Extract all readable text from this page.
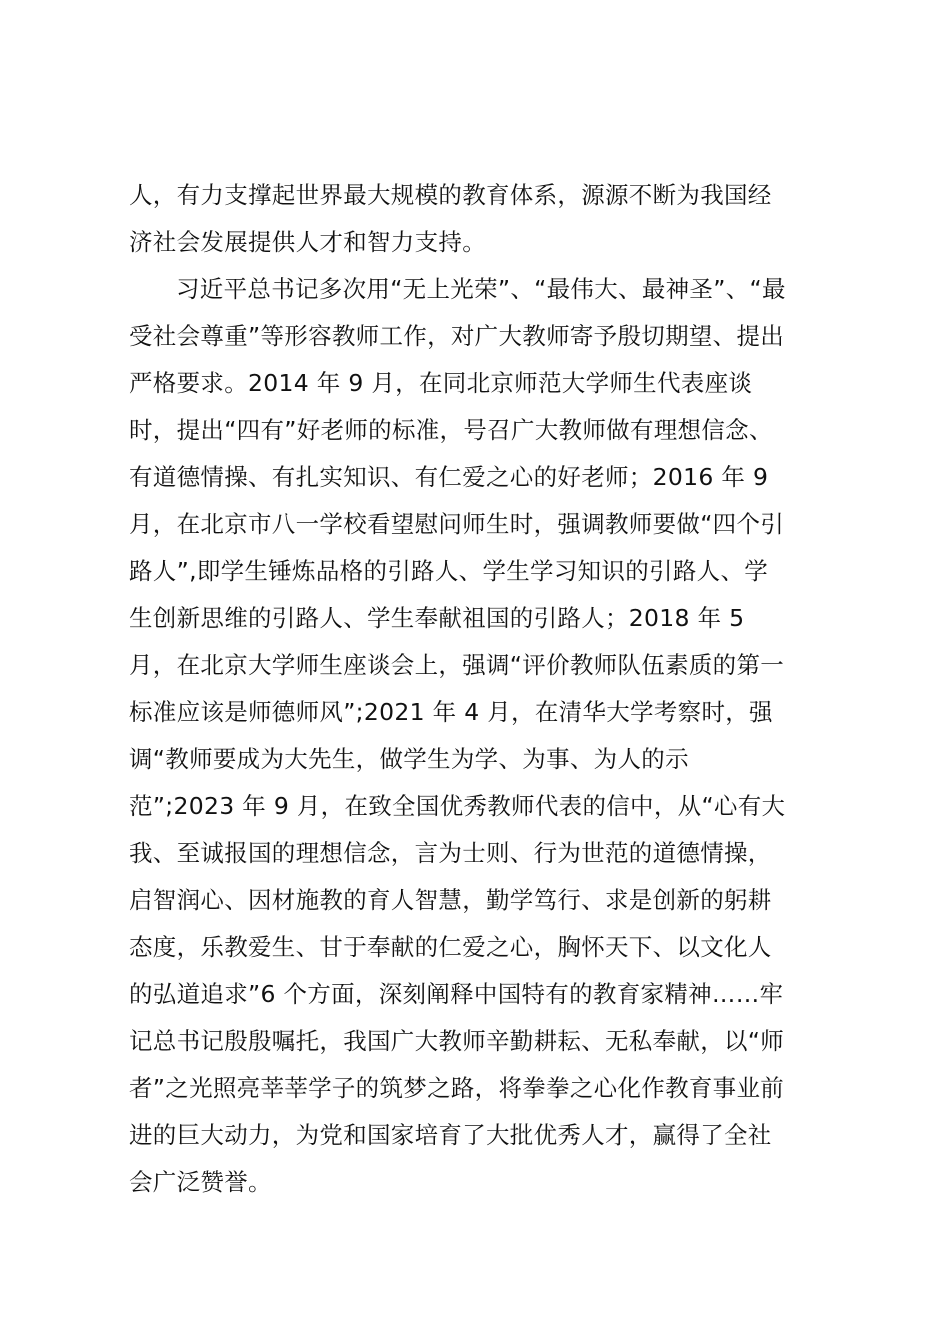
人，有力支撑起世界最大规模的教育体系，源源不断为我国经
济社会发展提供人才和智力支持。
习近平总书记多次用“无上光荣”、“最伟大、最神圣”、“最
受社会尊重”等形容教师工作，对广大教师寄予殷切期望、提出
严格要求。2014 年 9 月，在同北京师范大学师生代表座谈
时，提出“四有”好老师的标准，号召广大教师做有理想信念、
有道德情操、有扎实知识、有仁爱之心的好老师；2016 年 9
月，在北京市八一学校看望慰问师生时，强调教师要做“四个引
路人”,即学生锤炼品格的引路人、学生学习知识的引路人、学
生创新思维的引路人、学生奉献祖国的引路人；2018 年 5
月，在北京大学师生座谈会上，强调“评价教师队伍素质的第一
标准应该是师德师风”;2021 年 4 月，在清华大学考察时，强
调“教师要成为大先生，做学生为学、为事、为人的示
范”;2023 年 9 月，在致全国优秀教师代表的信中，从“心有大
我、至诚报国的理想信念，言为士则、行为世范的道德情操，
启智润心、因材施教的育人智慧，勤学笃行、求是创新的躬耕
态度，乐教爱生、甘于奉献的仁爱之心，胸怀天下、以文化人
的弘道追求”6 个方面，深刻阐释中国特有的教育家精神……牢
记总书记殷殷嘱托，我国广大教师辛勤耕耘、无私奉献，以“师
者”之光照亮莘莘学子的筑梦之路，将拳拳之心化作教育事业前
进的巨大动力，为党和国家培育了大批优秀人才，赢得了全社
会广泛赞誉。
